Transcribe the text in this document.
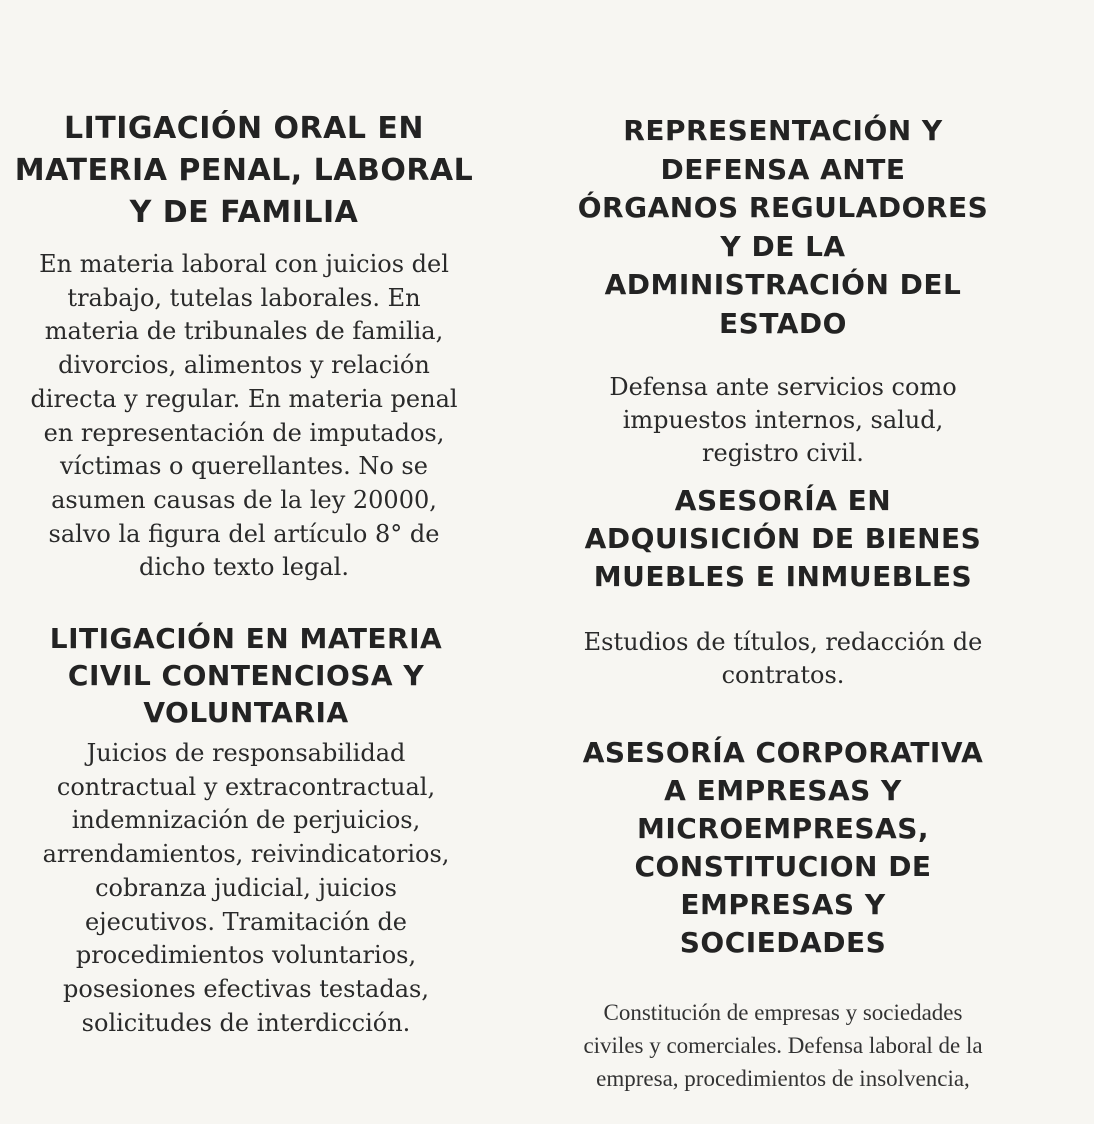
LITIGACIÓN ORAL EN MATERIA PENAL, LABORAL Y DE FAMILIA

En materia laboral con juicios del trabajo, tutelas laborales. En materia de tribunales de familia, divorcios, alimentos y relación directa y regular. En materia penal en representación de imputados, víctimas o querellantes. No se asumen causas de la ley 20000, salvo la figura del artículo 8° de dicho texto legal.

LITIGACIÓN EN MATERIA CIVIL CONTENCIOSA Y VOLUNTARIA

Juicios de responsabilidad contractual y extracontractual, indemnización de perjuicios, arrendamientos, reivindicatorios, cobranza judicial, juicios ejecutivos. Tramitación de procedimientos voluntarios, posesiones efectivas testadas, solicitudes de interdicción.

REPRESENTACIÓN Y DEFENSA ANTE ÓRGANOS REGULADORES Y DE LA ADMINISTRACIÓN DEL ESTADO

Defensa ante servicios como impuestos internos, salud, registro civil.

ASESORÍA EN ADQUISICIÓN DE BIENES MUEBLES E INMUEBLES

Estudios de títulos, redacción de contratos.

ASESORÍA CORPORATIVA A EMPRESAS Y MICROEMPRESAS, CONSTITUCION DE EMPRESAS Y SOCIEDADES

Constitución de empresas y sociedades civiles y comerciales. Defensa laboral de la empresa, procedimientos de insolvencia,
